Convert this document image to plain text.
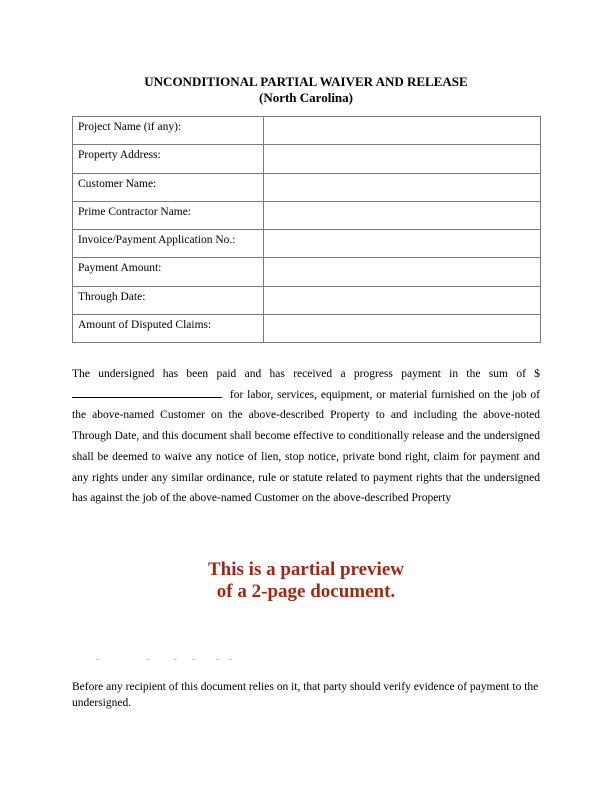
UNCONDITIONAL PARTIAL WAIVER AND RELEASE
(North Carolina)
Project Name (if any):	
Property Address:	
Customer Name:	
Prime Contractor Name:	
Invoice/Payment Application No.:	
Payment Amount:	
Through Date:	
Amount of Disputed Claims:	

The undersigned has been paid and has received a progress payment in the sum of $ for labor, services, equipment, or material furnished on the job of the above-named Customer on the above-described Property to and including the above-noted Through Date, and this document shall become effective to conditionally release and the undersigned shall be deemed to waive any notice of lien, stop notice, private bond right, claim for payment and any rights under any similar ordinance, rule or statute related to payment rights that the undersigned has against the job of the above-named Customer on the above-described Property

This is a partial preview
of a 2-page document.

Before any recipient of this document relies on it, that party should verify evidence of payment to the undersigned.
